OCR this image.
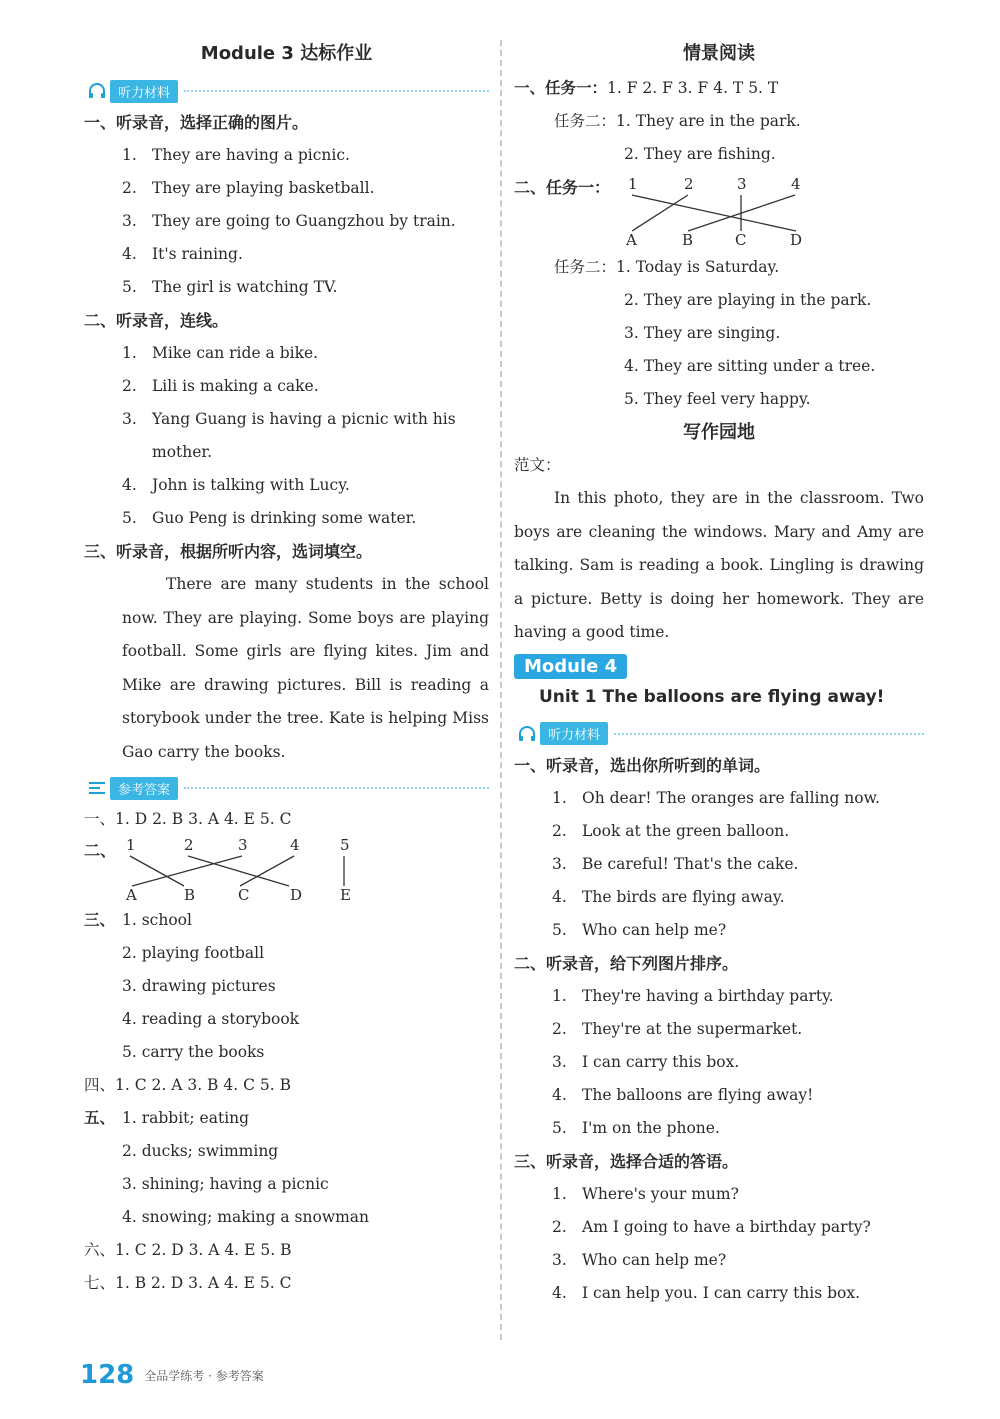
Module 3 达标作业
听力材料
一、听录音，选择正确的图片。
1. They are having a picnic.
2. They are playing basketball.
3. They are going to Guangzhou by train.
4. It's raining.
5. The girl is watching TV.
二、听录音，连线。
1. Mike can ride a bike.
2. Lili is making a cake.
3. Yang Guang is having a picnic with his
mother.
4. John is talking with Lucy.
5. Guo Peng is drinking some water.
三、听录音，根据所听内容，选词填空。
There are many students in the school now. They are playing. Some boys are playing football. Some girls are flying kites. Jim and Mike are drawing pictures. Bill is reading a storybook under the tree. Kate is helping Miss Gao carry the books.
参考答案
一、1. D 2. B 3. A 4. E 5. C
二、 1	2	3	4	5
A	B	C	D	E
三、 1. school
2. playing football
3. drawing pictures
4. reading a storybook
5. carry the books
四、1. C 2. A 3. B 4. C 5. B
五、 1. rabbit; eating
2. ducks; swimming
3. shining; having a picnic
4. snowing; making a snowman
六、1. C 2. D 3. A 4. E 5. B
七、1. B 2. D 3. A 4. E 5. C
情景阅读
一、任务一：1. F 2. F 3. F 4. T 5. T
任务二：1. They are in the park.
2. They are fishing.
二、任务一： 1	2	3	4
A	B	C	D
任务二：1. Today is Saturday.
2. They are playing in the park.
3. They are singing.
4. They are sitting under a tree.
5. They feel very happy.
写作园地
范文：
In this photo, they are in the classroom. Two boys are cleaning the windows. Mary and Amy are talking. Sam is reading a book. Lingling is drawing a picture. Betty is doing her homework. They are having a good time.
Module 4
Unit 1 The balloons are flying away!
听力材料
一、听录音，选出你所听到的单词。
1. Oh dear! The oranges are falling now.
2. Look at the green balloon.
3. Be careful! That's the cake.
4. The birds are flying away.
5. Who can help me?
二、听录音，给下列图片排序。
1. They're having a birthday party.
2. They're at the supermarket.
3. I can carry this box.
4. The balloons are flying away!
5. I'm on the phone.
三、听录音，选择合适的答语。
1. Where's your mum?
2. Am I going to have a birthday party?
3. Who can help me?
4. I can help you. I can carry this box.
128 全品学练考 · 参考答案
